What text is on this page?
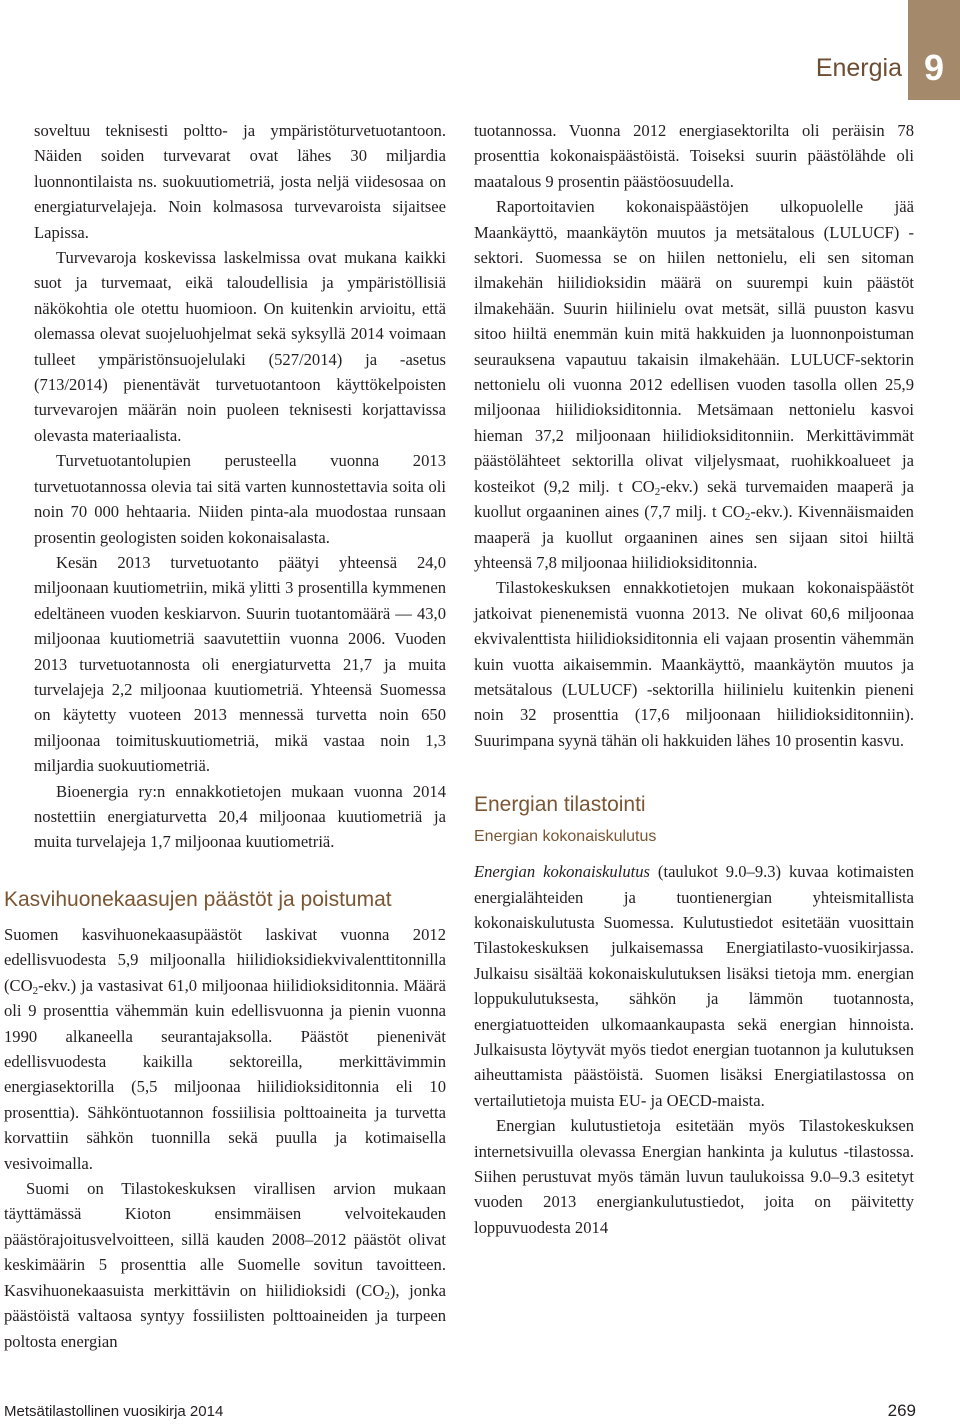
Energia 9

soveltuu teknisesti poltto- ja ympäristöturvetuotantoon. Näiden soiden turvevarat ovat lähes 30 miljardia luonnontilaista ns. suokuutiometriä, josta neljä viidesosaa on energiaturvelajeja. Noin kolmasosa turvevaroista sijaitsee Lapissa.

Turvevaroja koskevissa laskelmissa ovat mukana kaikki suot ja turvemaat, eikä taloudellisia ja ympäristöllisiä näkökohtia ole otettu huomioon. On kuitenkin arvioitu, että olemassa olevat suojeluohjelmat sekä syksyllä 2014 voimaan tulleet ympäristönsuojelulaki (527/2014) ja -asetus (713/2014) pienentävät turvetuotantoon käyttökelpoisten turvevarojen määrän noin puoleen teknisesti korjattavissa olevasta materiaalista.

Turvetuotantolupien perusteella vuonna 2013 turvetuotannossa olevia tai sitä varten kunnostettavia soita oli noin 70 000 hehtaaria. Niiden pinta-ala muodostaa runsaan prosentin geologisten soiden kokonaisalasta.

Kesän 2013 turvetuotanto päätyi yhteensä 24,0 miljoonaan kuutiometriin, mikä ylitti 3 prosentilla kymmenen edeltäneen vuoden keskiarvon. Suurin tuotantomäärä — 43,0 miljoonaa kuutiometriä saavutettiin vuonna 2006. Vuoden 2013 turvetuotannosta oli energiaturvetta 21,7 ja muita turvelajeja 2,2 miljoonaa kuutiometriä. Yhteensä Suomessa on käytetty vuoteen 2013 mennessä turvetta noin 650 miljoonaa toimituskuutiometriä, mikä vastaa noin 1,3 miljardia suokuutiometriä.

Bioenergia ry:n ennakkotietojen mukaan vuonna 2014 nostettiin energiaturvetta 20,4 miljoonaa kuutiometriä ja muita turvelajeja 1,7 miljoonaa kuutiometriä.

Kasvihuonekaasujen päästöt ja poistumat

Suomen kasvihuonekaasupäästöt laskivat vuonna 2012 edellisvuodesta 5,9 miljoonalla hiilidioksidiekvivalenttitonnilla $(CO_2-ekv.)$ ja vastasivat 61,0 miljoonaa hiilidioksiditonnia. Määrä oli 9 prosenttia vähemmän kuin edellisvuonna ja pienin vuonna 1990 alkaneella seurantajaksolla. Päästöt pienenivät edellisvuodesta kaikilla sektoreilla, merkittävimmin energiasektorilla (5,5 miljoonaa hiilidioksiditonnia eli 10 prosenttia). Sähköntuotannon fossiilisia polttoaineita ja turvetta korvattiin sähkön tuonnilla sekä puulla ja kotimaisella vesivoimalla.

Suomi on Tilastokeskuksen virallisen arvion mukaan täyttämässä Kioton ensimmäisen velvoitekauden päästörajoitusvelvoitteen, sillä kauden 2008–2012 päästöt olivat keskimäärin 5 prosenttia alle Suomelle sovitun tavoitteen. Kasvihuonekaasuista merkittävin on hiilidioksidi $(CO_2)$, jonka päästöistä valtaosa syntyy fossiilisten polttoaineiden ja turpeen poltosta energian

tuotannossa. Vuonna 2012 energiasektorilta oli peräisin 78 prosenttia kokonaispäästöistä. Toiseksi suurin päästölähde oli maatalous 9 prosentin päästöosuudella.

Raportoitavien kokonaispäästöjen ulkopuolelle jää Maankäyttö, maankäytön muutos ja metsätalous (LULUCF) -sektori. Suomessa se on hiilen nettonielu, eli sen sitoman ilmakehän hiilidioksidin määrä on suurempi kuin päästöt ilmakehään. Suurin hiilinielu ovat metsät, sillä puuston kasvu sitoo hiiltä enemmän kuin mitä hakkuiden ja luonnonpoistuman seurauksena vapautuu takaisin ilmakehään. LULUCF-sektorin nettonielu oli vuonna 2012 edellisen vuoden tasolla ollen 25,9 miljoonaa hiilidioksiditonnia. Metsämaan nettonielu kasvoi hieman 37,2 miljoonaan hiilidioksiditonniin. Merkittävimmät päästölähteet sektorilla olivat viljelysmaat, ruohikkoalueet ja kosteikot (9,2 milj. t $CO_2-ekv$.) sekä turvemaiden maaperä ja kuollut orgaaninen aines (7,7 milj. t $CO_2-ekv$.). Kivennäismaiden maaperä ja kuollut orgaaninen aines sen sijaan sitoi hiiltä yhteensä 7,8 miljoonaa hiilidioksiditonnia.

Tilastokeskuksen ennakkotietojen mukaan kokonaispäästöt jatkoivat pienenemistä vuonna 2013. Ne olivat 60,6 miljoonaa ekvivalenttista hiilidioksiditonnia eli vajaan prosentin vähemmän kuin vuotta aikaisemmin. Maankäyttö, maankäytön muutos ja metsätalous (LULUCF) -sektorilla hiilinielu kuitenkin pieneni noin 32 prosenttia (17,6 miljoonaan hiilidioksiditonniin). Suurimpana syynä tähän oli hakkuiden lähes 10 prosentin kasvu.

Energian tilastointi
Energian kokonaiskulutus

Energian kokonaiskulutus (taulukot 9.0–9.3) kuvaa kotimaisten energialähteiden ja tuontienergian yhteismitallista kokonaiskulutusta Suomessa. Kulutustiedot esitetään vuosittain Tilastokeskuksen julkaisemassa Energiatilasto-vuosikirjassa. Julkaisu sisältää kokonaiskulutuksen lisäksi tietoja mm. energian loppukulutuksesta, sähkön ja lämmön tuotannosta, energiatuotteiden ulkomaankaupasta sekä energian hinnoista. Julkaisusta löytyvät myös tiedot energian tuotannon ja kulutuksen aiheuttamista päästöistä. Suomen lisäksi Energiatilastossa on vertailutietoja muista EU- ja OECD-maista.

Energian kulutustietoja esitetään myös Tilastokeskuksen internetsivuilla olevassa Energian hankinta ja kulutus -tilastossa. Siihen perustuvat myös tämän luvun taulukoissa 9.0–9.3 esitetyt vuoden 2013 energiankulutustiedot, joita on päivitetty loppuvuodesta 2014

Metsätilastollinen vuosikirja 2014	269
